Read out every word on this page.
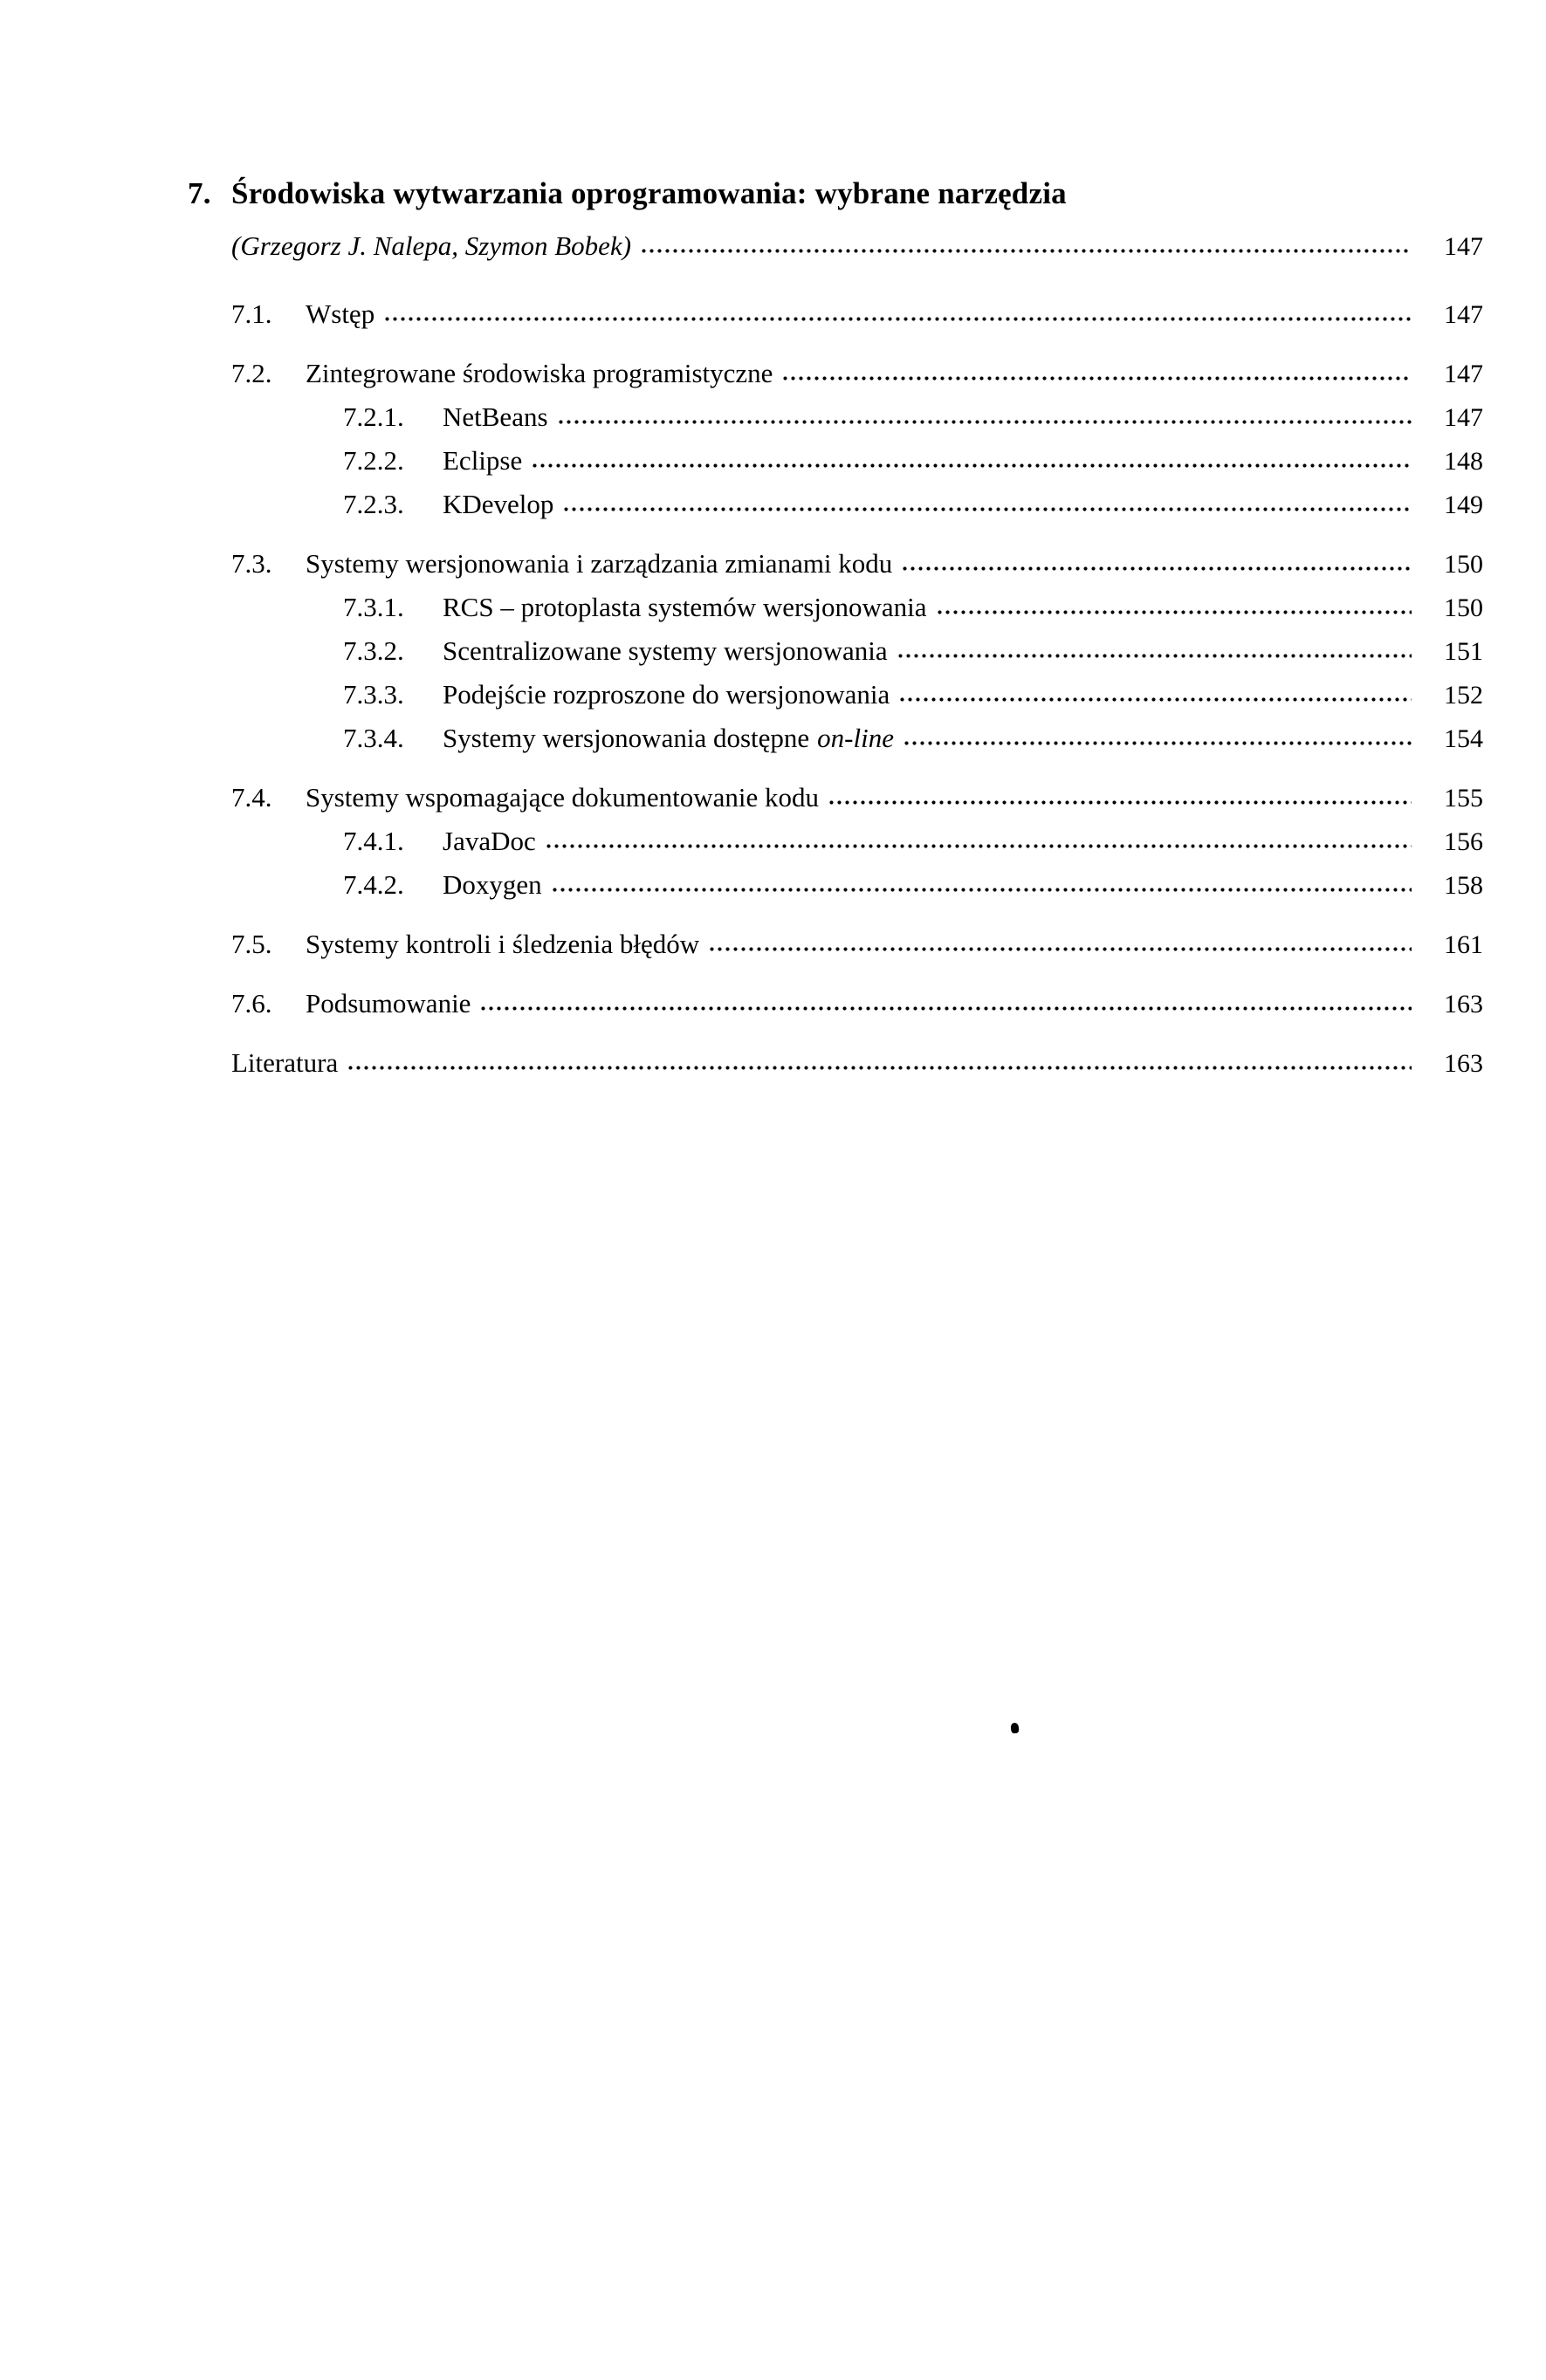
7. Środowiska wytwarzania oprogramowania: wybrane narzędzia
(Grzegorz J. Nalepa, Szymon Bobek)	147
7.1.	Wstęp	147
7.2.	Zintegrowane środowiska programistyczne	147
7.2.1.	NetBeans	147
7.2.2.	Eclipse	148
7.2.3.	KDevelop	149
7.3.	Systemy wersjonowania i zarządzania zmianami kodu	150
7.3.1.	RCS – protoplasta systemów wersjonowania	150
7.3.2.	Scentralizowane systemy wersjonowania	151
7.3.3.	Podejście rozproszone do wersjonowania	152
7.3.4.	Systemy wersjonowania dostępne on-line	154
7.4.	Systemy wspomagające dokumentowanie kodu	155
7.4.1.	JavaDoc	156
7.4.2.	Doxygen	158
7.5.	Systemy kontroli i śledzenia błędów	161
7.6.	Podsumowanie	163
Literatura	163
